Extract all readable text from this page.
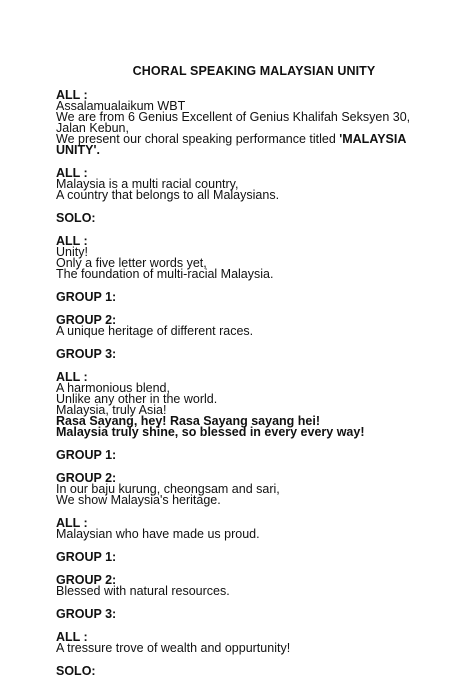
CHORAL SPEAKING MALAYSIAN UNITY
ALL :
Assalamualaikum WBT
We are from 6 Genius Excellent of Genius Khalifah Seksyen 30, Jalan Kebun,
We present our choral speaking performance titled 'MALAYSIA UNITY'.
ALL :
Malaysia is a multi racial country,
A country that belongs to all Malaysians.
SOLO:
ALL :
Unity!
Only a five letter words yet,
The foundation of multi-racial Malaysia.
GROUP 1:
GROUP 2:
A unique heritage of different races.
GROUP 3:
ALL :
A harmonious blend,
Unlike any other in the world.
Malaysia, truly Asia!
Rasa Sayang, hey! Rasa Sayang sayang hei!
Malaysia truly shine, so blessed in every every way!
GROUP 1:
GROUP 2:
In our baju kurung, cheongsam and sari,
We show Malaysia's heritage.
ALL :
Malaysian who have made us proud.
GROUP 1:
GROUP 2:
Blessed with natural resources.
GROUP 3:
ALL :
A tressure trove of wealth and oppurtunity!
SOLO:
